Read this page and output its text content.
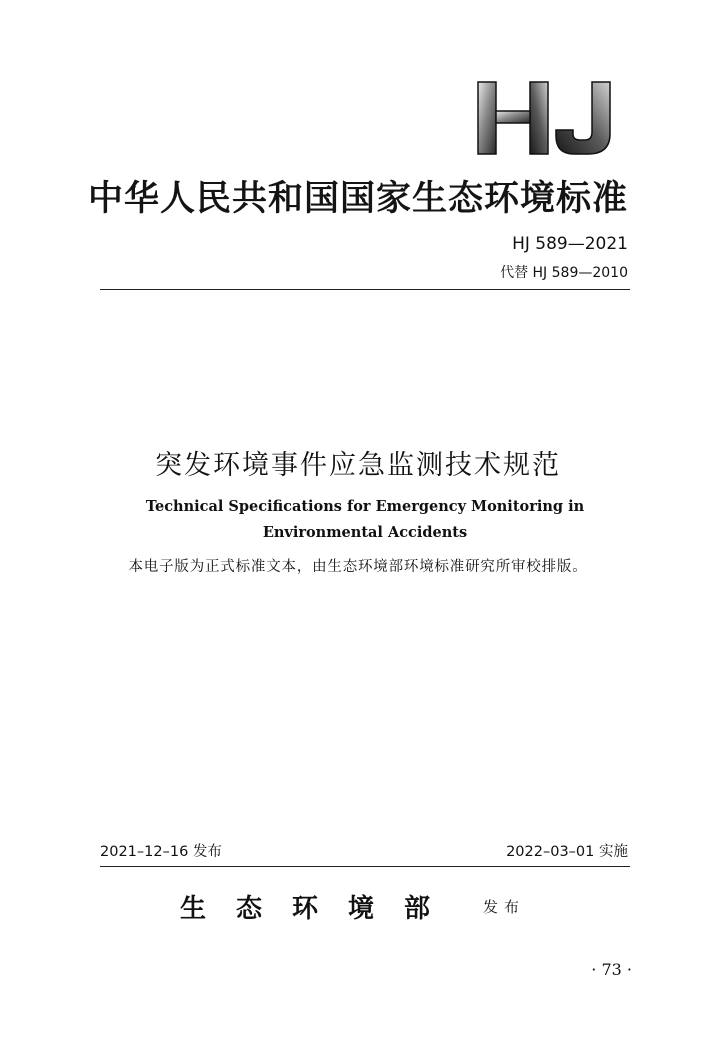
中华人民共和国国家生态环境标准
HJ 589—2021
代替 HJ 589—2010
突发环境事件应急监测技术规范
Technical Specifications for Emergency Monitoring in Environmental Accidents
本电子版为正式标准文本，由生态环境部环境标准研究所审校排版。
2021–12–16 发布	2022–03–01 实施
生态环境部 发布
· 73 ·
